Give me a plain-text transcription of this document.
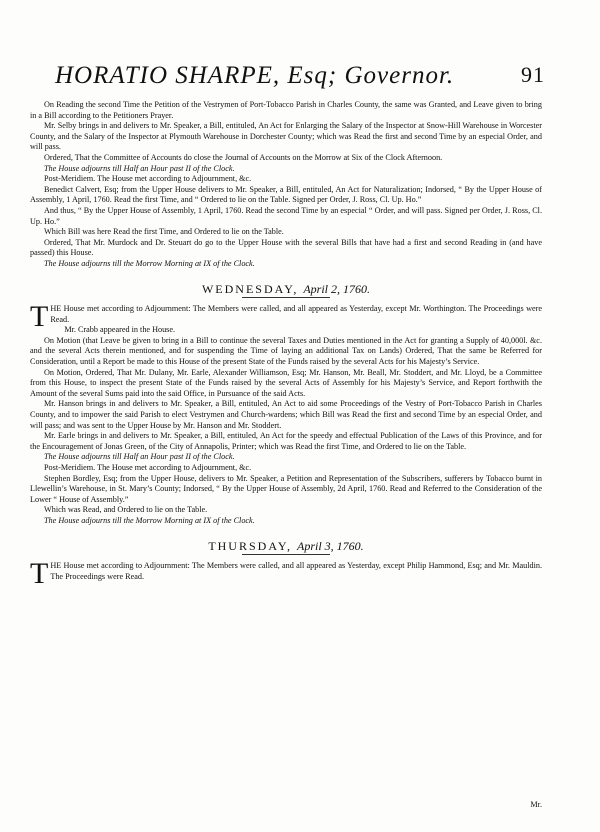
HORATIO SHARPE, Esq; Governor.	91

On Reading the second Time the Petition of the Vestrymen of Port-Tobacco Parish in Charles County, the same was Granted, and Leave given to bring in a Bill according to the Petitioners Prayer.

Mr. Selby brings in and delivers to Mr. Speaker, a Bill, entituled, An Act for Enlarging the Salary of the Inspector at Snow-Hill Warehouse in Worcester County, and the Salary of the Inspector at Plymouth Warehouse in Dorchester County; which was Read the first and second Time by an especial Order, and will pass.

Ordered, That the Committee of Accounts do close the Journal of Accounts on the Morrow at Six of the Clock Afternoon.

The House adjourns till Half an Hour past II of the Clock.

Post-Meridiem. The House met according to Adjournment, &c.

Benedict Calvert, Esq; from the Upper House delivers to Mr. Speaker, a Bill, entituled, An Act for Naturalization; Indorsed, “ By the Upper House of Assembly, 1 April, 1760. Read the first Time, and “ Ordered to lie on the Table. Signed per Order, J. Ross, Cl. Up. Ho.”

And thus, “ By the Upper House of Assembly, 1 April, 1760. Read the second Time by an especial “ Order, and will pass. Signed per Order, J. Ross, Cl. Up. Ho.”

Which Bill was here Read the first Time, and Ordered to lie on the Table.

Ordered, That Mr. Murdock and Dr. Steuart do go to the Upper House with the several Bills that have had a first and second Reading in (and have passed) this House.

The House adjourns till the Morrow Morning at IX of the Clock.

WEDNESDAY, April 2, 1760.

THE House met according to Adjournment: The Members were called, and all appeared as Yesterday, except Mr. Worthington. The Proceedings were Read.

Mr. Crabb appeared in the House.

On Motion (that Leave be given to bring in a Bill to continue the several Taxes and Duties mentioned in the Act for granting a Supply of 40,000l. &c. and the several Acts therein mentioned, and for suspending the Time of laying an additional Tax on Lands) Ordered, That the same be Referred for Consideration, until a Report be made to this House of the present State of the Funds raised by the several Acts for his Majesty’s Service.

On Motion, Ordered, That Mr. Dulany, Mr. Earle, Alexander Williamson, Esq; Mr. Hanson, Mr. Beall, Mr. Stoddert, and Mr. Lloyd, be a Committee from this House, to inspect the present State of the Funds raised by the several Acts of Assembly for his Majesty’s Service, and Report forthwith the Amount of the several Sums paid into the said Office, in Pursuance of the said Acts.

Mr. Hanson brings in and delivers to Mr. Speaker, a Bill, entituled, An Act to aid some Proceedings of the Vestry of Port-Tobacco Parish in Charles County, and to impower the said Parish to elect Vestrymen and Church-wardens; which Bill was Read the first and second Time by an especial Order, and will pass; and was sent to the Upper House by Mr. Hanson and Mr. Stoddert.

Mr. Earle brings in and delivers to Mr. Speaker, a Bill, entituled, An Act for the speedy and effectual Publication of the Laws of this Province, and for the Encouragement of Jonas Green, of the City of Annapolis, Printer; which was Read the first Time, and Ordered to lie on the Table.

The House adjourns till Half an Hour past II of the Clock.

Post-Meridiem. The House met according to Adjournment, &c.

Stephen Bordley, Esq; from the Upper House, delivers to Mr. Speaker, a Petition and Representation of the Subscribers, sufferers by Tobacco burnt in Llewellin’s Warehouse, in St. Mary’s County; Indorsed, “ By the Upper House of Assembly, 2d April, 1760. Read and Referred to the Consideration of the Lower “ House of Assembly.”

Which was Read, and Ordered to lie on the Table.

The House adjourns till the Morrow Morning at IX of the Clock.

THURSDAY, April 3, 1760.

THE House met according to Adjournment: The Members were called, and all appeared as Yesterday, except Philip Hammond, Esq; and Mr. Mauldin. The Proceedings were Read.

Mr.
